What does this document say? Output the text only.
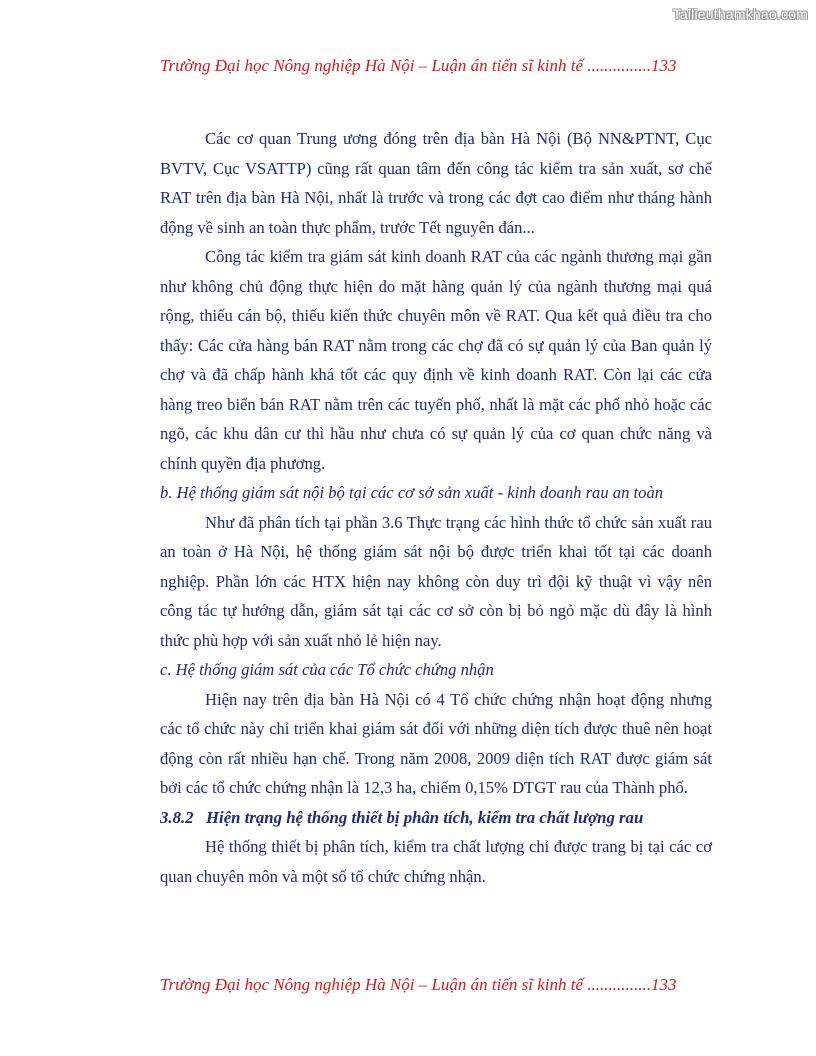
Tailieuthamkhao.com
Trường Đại học Nông nghiệp Hà Nội – Luận án tiến sĩ kinh tế ...............133

Các cơ quan Trung ương đóng trên địa bàn Hà Nội (Bộ NN&PTNT, Cục BVTV, Cục VSATTP) cũng rất quan tâm đến công tác kiểm tra sản xuất, sơ chế RAT trên địa bàn Hà Nội, nhất là trước và trong các đợt cao điểm như tháng hành động về sinh an toàn thực phẩm, trước Tết nguyên đán...

Công tác kiểm tra giám sát kinh doanh RAT của các ngành thương mại gần như không chủ động thực hiện do mặt hàng quản lý của ngành thương mại quá rộng, thiếu cán bộ, thiếu kiến thức chuyên môn về RAT. Qua kết quả điều tra cho thấy: Các cửa hàng bán RAT nằm trong các chợ đã có sự quản lý của Ban quản lý chợ và đã chấp hành khá tốt các quy định về kinh doanh RAT. Còn lại các cửa hàng treo biển bán RAT nằm trên các tuyến phố, nhất là mặt các phố nhỏ hoặc các ngõ, các khu dân cư thì hầu như chưa có sự quản lý của cơ quan chức năng và chính quyền địa phương.

b. Hệ thống giám sát nội bộ tại các cơ sở sản xuất - kinh doanh rau an toàn

Như đã phân tích tại phần 3.6 Thực trạng các hình thức tổ chức sản xuất rau an toàn ở Hà Nội, hệ thống giám sát nội bộ được triển khai tốt tại các doanh nghiệp. Phần lớn các HTX hiện nay không còn duy trì đội kỹ thuật vì vậy nên công tác tự hướng dẫn, giám sát tại các cơ sở còn bị bỏ ngỏ mặc dù đây là hình thức phù hợp với sản xuất nhỏ lẻ hiện nay.

c. Hệ thống giám sát của các Tổ chức chứng nhận

Hiện nay trên địa bàn Hà Nội có 4 Tổ chức chứng nhận hoạt động nhưng các tổ chức này chỉ triển khai giám sát đối với những diện tích được thuê nên hoạt động còn rất nhiều hạn chế. Trong năm 2008, 2009 diện tích RAT được giám sát bởi các tổ chức chứng nhận là 12,3 ha, chiếm 0,15% DTGT rau của Thành phố.

3.8.2 Hiện trạng hệ thống thiết bị phân tích, kiểm tra chất lượng rau

Hệ thống thiết bị phân tích, kiểm tra chất lượng chỉ được trang bị tại các cơ quan chuyên môn và một số tổ chức chứng nhận.

Trường Đại học Nông nghiệp Hà Nội – Luận án tiến sĩ kinh tế ...............133
